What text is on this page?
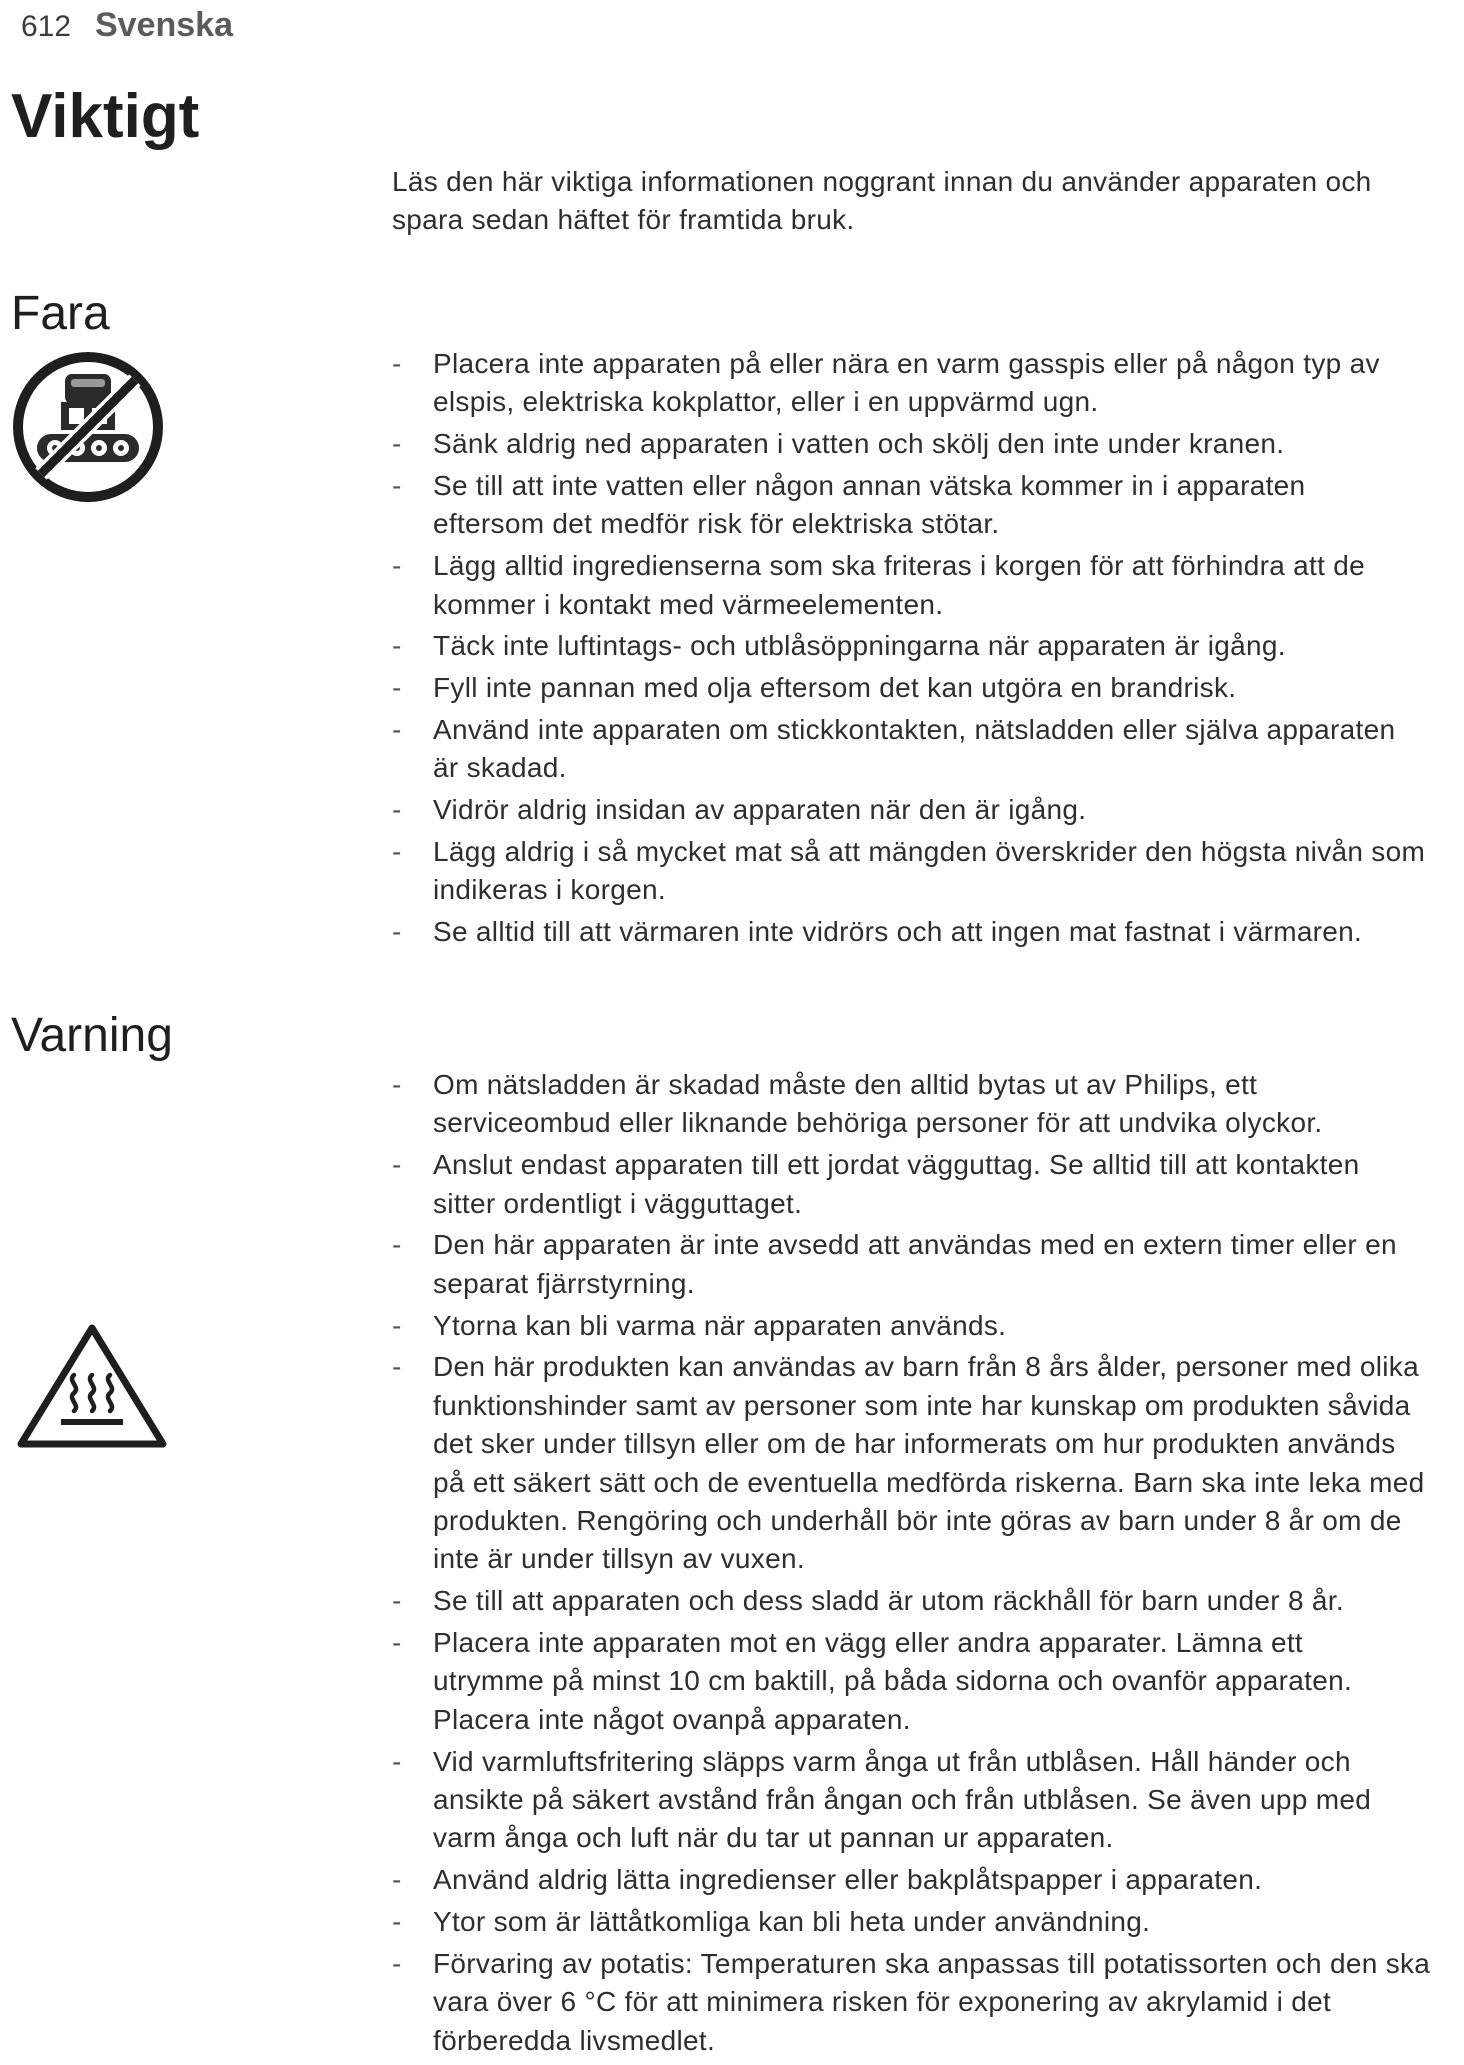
612 Svenska
Viktigt
Läs den här viktiga informationen noggrant innan du använder apparaten och
spara sedan häftet för framtida bruk.
Fara
- Placera inte apparaten på eller nära en varm gasspis eller på någon typ av
elspis, elektriska kokplattor, eller i en uppvärmd ugn.
- Sänk aldrig ned apparaten i vatten och skölj den inte under kranen.
- Se till att inte vatten eller någon annan vätska kommer in i apparaten
eftersom det medför risk för elektriska stötar.
- Lägg alltid ingredienserna som ska friteras i korgen för att förhindra att de
kommer i kontakt med värmeelementen.
- Täck inte luftintags- och utblåsöppningarna när apparaten är igång.
- Fyll inte pannan med olja eftersom det kan utgöra en brandrisk.
- Använd inte apparaten om stickkontakten, nätsladden eller själva apparaten
är skadad.
- Vidrör aldrig insidan av apparaten när den är igång.
- Lägg aldrig i så mycket mat så att mängden överskrider den högsta nivån som
indikeras i korgen.
- Se alltid till att värmaren inte vidrörs och att ingen mat fastnat i värmaren.
Varning
- Om nätsladden är skadad måste den alltid bytas ut av Philips, ett
serviceombud eller liknande behöriga personer för att undvika olyckor.
- Anslut endast apparaten till ett jordat vägguttag. Se alltid till att kontakten
sitter ordentligt i vägguttaget.
- Den här apparaten är inte avsedd att användas med en extern timer eller en
separat fjärrstyrning.
- Ytorna kan bli varma när apparaten används.
- Den här produkten kan användas av barn från 8 års ålder, personer med olika
funktionshinder samt av personer som inte har kunskap om produkten såvida
det sker under tillsyn eller om de har informerats om hur produkten används
på ett säkert sätt och de eventuella medförda riskerna. Barn ska inte leka med
produkten. Rengöring och underhåll bör inte göras av barn under 8 år om de
inte är under tillsyn av vuxen.
- Se till att apparaten och dess sladd är utom räckhåll för barn under 8 år.
- Placera inte apparaten mot en vägg eller andra apparater. Lämna ett
utrymme på minst 10 cm baktill, på båda sidorna och ovanför apparaten.
Placera inte något ovanpå apparaten.
- Vid varmluftsfritering släpps varm ånga ut från utblåsen. Håll händer och
ansikte på säkert avstånd från ångan och från utblåsen. Se även upp med
varm ånga och luft när du tar ut pannan ur apparaten.
- Använd aldrig lätta ingredienser eller bakplåtspapper i apparaten.
- Ytor som är lättåtkomliga kan bli heta under användning.
- Förvaring av potatis: Temperaturen ska anpassas till potatissorten och den ska
vara över 6 °C för att minimera risken för exponering av akrylamid i det
förberedda livsmedlet.
